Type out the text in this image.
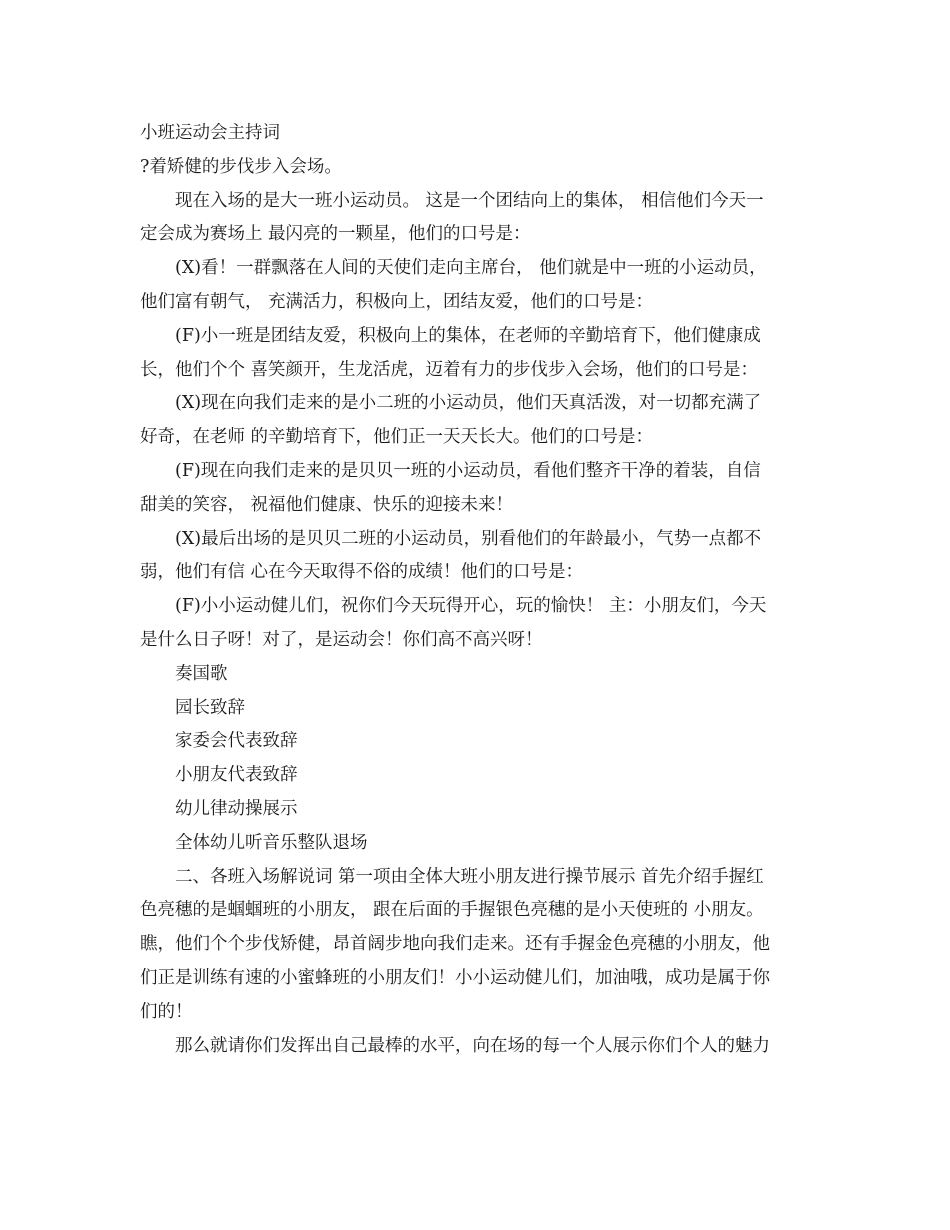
小班运动会主持词
?着矫健的步伐步入会场。
现在入场的是大一班小运动员。 这是一个团结向上的集体， 相信他们今天一
定会成为赛场上 最闪亮的一颗星，他们的口号是：
(X)看！一群飘落在人间的天使们走向主席台， 他们就是中一班的小运动员，
他们富有朝气， 充满活力，积极向上，团结友爱，他们的口号是：
(F)小一班是团结友爱，积极向上的集体，在老师的辛勤培育下，他们健康成
长，他们个个 喜笑颜开，生龙活虎，迈着有力的步伐步入会场，他们的口号是：
(X)现在向我们走来的是小二班的小运动员，他们天真活泼，对一切都充满了
好奇，在老师 的辛勤培育下，他们正一天天长大。他们的口号是：
(F)现在向我们走来的是贝贝一班的小运动员，看他们整齐干净的着装，自信
甜美的笑容， 祝福他们健康、快乐的迎接未来！
(X)最后出场的是贝贝二班的小运动员，别看他们的年龄最小，气势一点都不
弱，他们有信 心在今天取得不俗的成绩！他们的口号是：
(F)小小运动健儿们，祝你们今天玩得开心，玩的愉快！ 主：小朋友们，今天
是什么日子呀！对了，是运动会！你们高不高兴呀！
奏国歌
园长致辞
家委会代表致辞
小朋友代表致辞
幼儿律动操展示
全体幼儿听音乐整队退场
二、各班入场解说词 第一项由全体大班小朋友进行操节展示 首先介绍手握红
色亮穗的是蝈蝈班的小朋友， 跟在后面的手握银色亮穗的是小天使班的 小朋友。
瞧，他们个个步伐矫健，昂首阔步地向我们走来。还有手握金色亮穗的小朋友，他
们正是训练有速的小蜜蜂班的小朋友们！小小运动健儿们，加油哦，成功是属于你
们的！
那么就请你们发挥出自己最棒的水平，向在场的每一个人展示你们个人的魅力
